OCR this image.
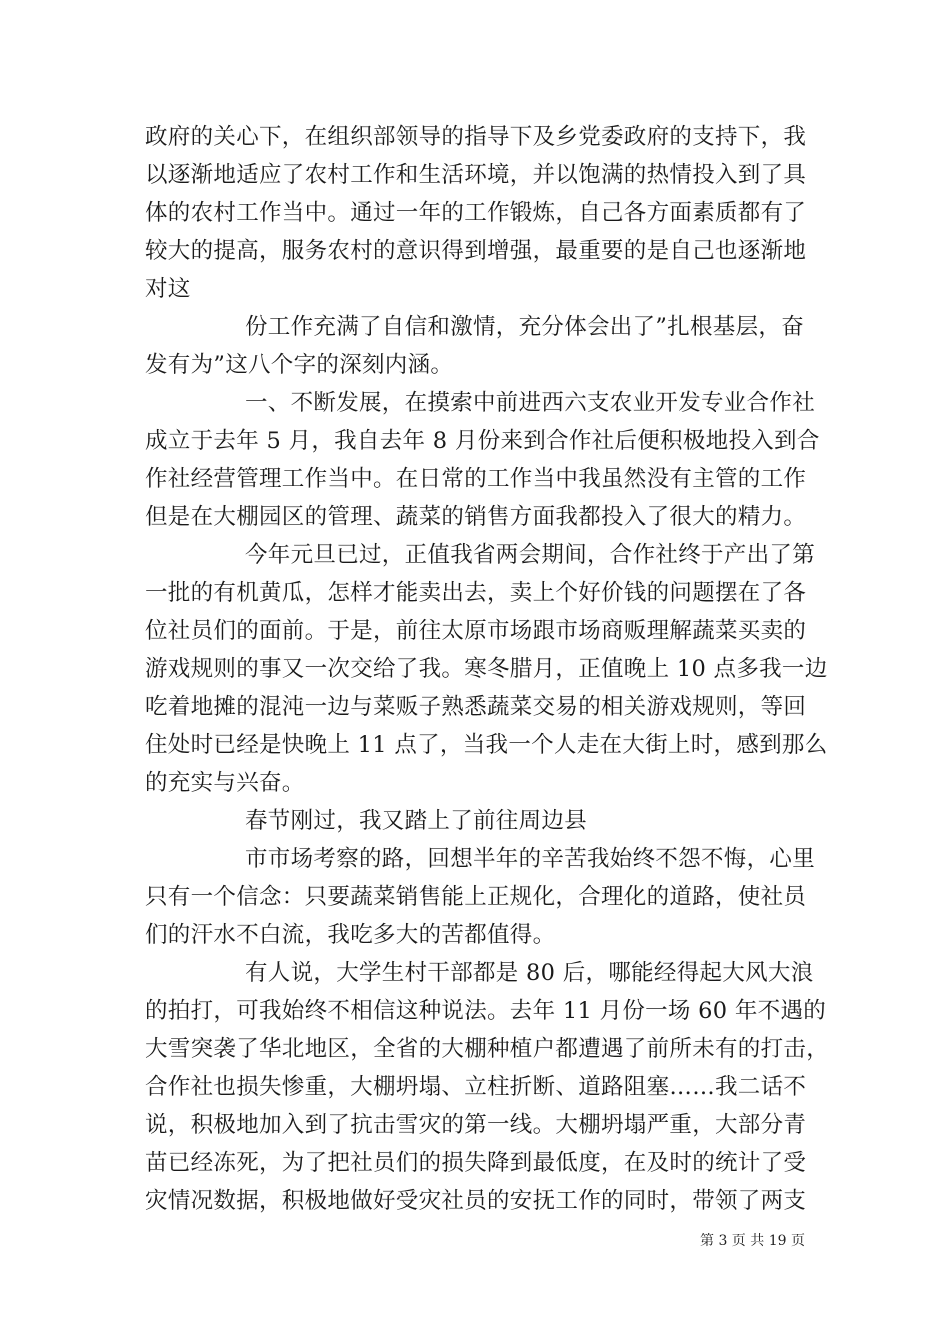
政府的关心下，在组织部领导的指导下及乡党委政府的支持下，我
以逐渐地适应了农村工作和生活环境，并以饱满的热情投入到了具
体的农村工作当中。通过一年的工作锻炼，自己各方面素质都有了
较大的提高，服务农村的意识得到增强，最重要的是自己也逐渐地
对这
份工作充满了自信和激情，充分体会出了”扎根基层，奋
发有为”这八个字的深刻内涵。
一、不断发展，在摸索中前进西六支农业开发专业合作社
成立于去年 5 月，我自去年 8 月份来到合作社后便积极地投入到合
作社经营管理工作当中。在日常的工作当中我虽然没有主管的工作
但是在大棚园区的管理、蔬菜的销售方面我都投入了很大的精力。
今年元旦已过，正值我省两会期间，合作社终于产出了第
一批的有机黄瓜，怎样才能卖出去，卖上个好价钱的问题摆在了各
位社员们的面前。于是，前往太原市场跟市场商贩理解蔬菜买卖的
游戏规则的事又一次交给了我。寒冬腊月，正值晚上 10 点多我一边
吃着地摊的混沌一边与菜贩子熟悉蔬菜交易的相关游戏规则，等回
住处时已经是快晚上 11 点了，当我一个人走在大街上时，感到那么
的充实与兴奋。
春节刚过，我又踏上了前往周边县
市市场考察的路，回想半年的辛苦我始终不怨不悔，心里
只有一个信念：只要蔬菜销售能上正规化，合理化的道路，使社员
们的汗水不白流，我吃多大的苦都值得。
有人说，大学生村干部都是 80 后，哪能经得起大风大浪
的拍打，可我始终不相信这种说法。去年 11 月份一场 60 年不遇的
大雪突袭了华北地区，全省的大棚种植户都遭遇了前所未有的打击，
合作社也损失惨重，大棚坍塌、立柱折断、道路阻塞……我二话不
说，积极地加入到了抗击雪灾的第一线。大棚坍塌严重，大部分青
苗已经冻死，为了把社员们的损失降到最低度，在及时的统计了受
灾情况数据，积极地做好受灾社员的安抚工作的同时，带领了两支
第 3 页 共 19 页
